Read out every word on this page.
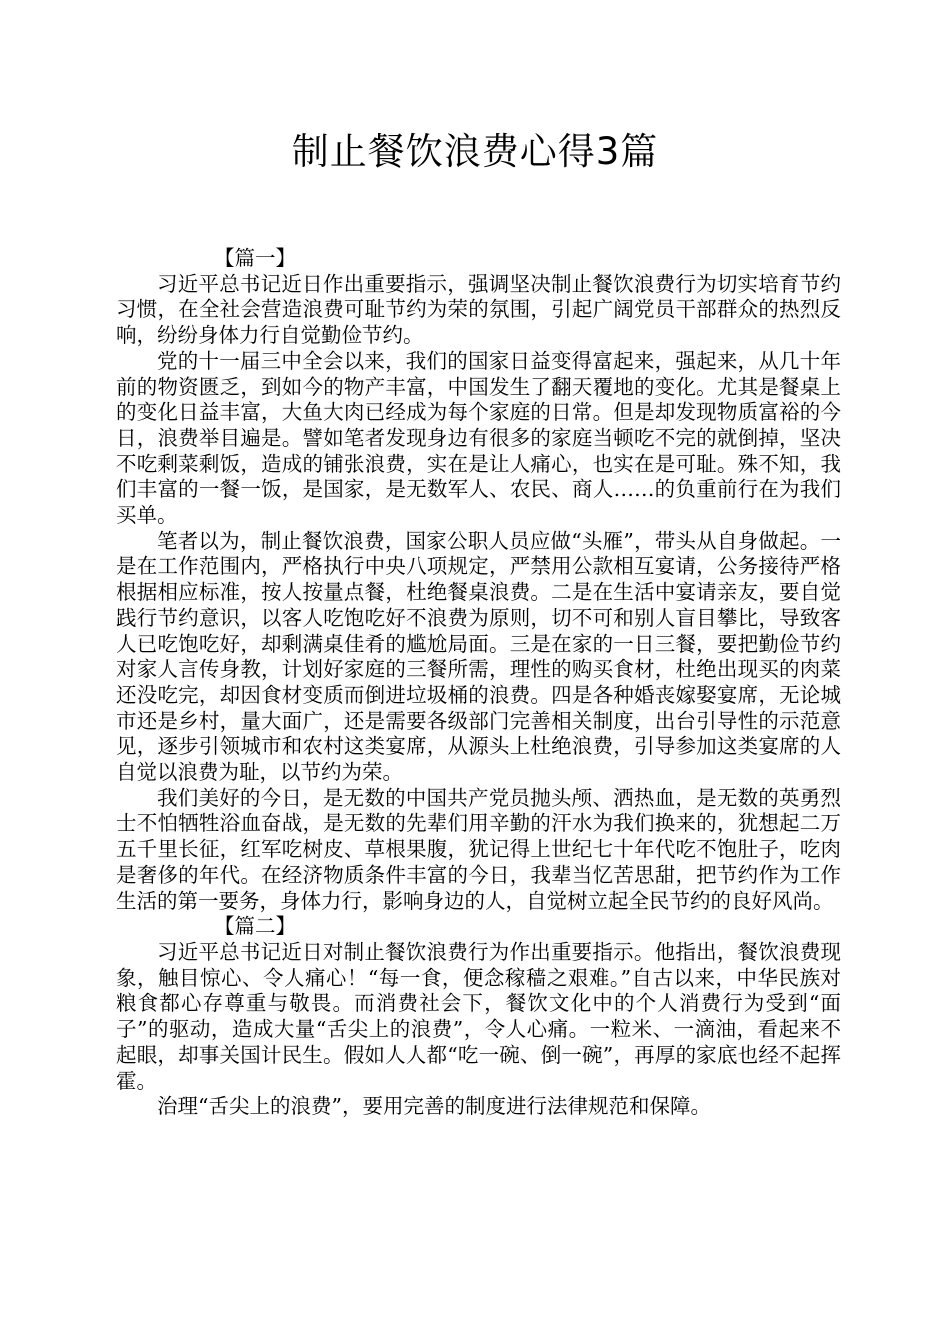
制止餐饮浪费心得3篇

【篇一】

习近平总书记近日作出重要指示，强调坚决制止餐饮浪费行为切实培育节约习惯，在全社会营造浪费可耻节约为荣的氛围，引起广阔党员干部群众的热烈反响，纷纷身体力行自觉勤俭节约。

党的十一届三中全会以来，我们的国家日益变得富起来，强起来，从几十年前的物资匮乏，到如今的物产丰富，中国发生了翻天覆地的变化。尤其是餐桌上的变化日益丰富，大鱼大肉已经成为每个家庭的日常。但是却发现物质富裕的今日，浪费举目遍是。譬如笔者发现身边有很多的家庭当顿吃不完的就倒掉，坚决不吃剩菜剩饭，造成的铺张浪费，实在是让人痛心，也实在是可耻。殊不知，我们丰富的一餐一饭，是国家，是无数军人、农民、商人……的负重前行在为我们买单。

笔者以为，制止餐饮浪费，国家公职人员应做“头雁”，带头从自身做起。一是在工作范围内，严格执行中央八项规定，严禁用公款相互宴请，公务接待严格根据相应标准，按人按量点餐，杜绝餐桌浪费。二是在生活中宴请亲友，要自觉践行节约意识，以客人吃饱吃好不浪费为原则，切不可和别人盲目攀比，导致客人已吃饱吃好，却剩满桌佳肴的尴尬局面。三是在家的一日三餐，要把勤俭节约对家人言传身教，计划好家庭的三餐所需，理性的购买食材，杜绝出现买的肉菜还没吃完，却因食材变质而倒进垃圾桶的浪费。四是各种婚丧嫁娶宴席，无论城市还是乡村，量大面广，还是需要各级部门完善相关制度，出台引导性的示范意见，逐步引领城市和农村这类宴席，从源头上杜绝浪费，引导参加这类宴席的人自觉以浪费为耻，以节约为荣。

我们美好的今日，是无数的中国共产党员抛头颅、洒热血，是无数的英勇烈士不怕牺牲浴血奋战，是无数的先辈们用辛勤的汗水为我们换来的，犹想起二万五千里长征，红军吃树皮、草根果腹，犹记得上世纪七十年代吃不饱肚子，吃肉是奢侈的年代。在经济物质条件丰富的今日，我辈当忆苦思甜，把节约作为工作生活的第一要务，身体力行，影响身边的人，自觉树立起全民节约的良好风尚。

【篇二】

习近平总书记近日对制止餐饮浪费行为作出重要指示。他指出，餐饮浪费现象，触目惊心、令人痛心！“每一食，便念稼穑之艰难。”自古以来，中华民族对粮食都心存尊重与敬畏。而消费社会下，餐饮文化中的个人消费行为受到“面子”的驱动，造成大量“舌尖上的浪费”，令人心痛。一粒米、一滴油，看起来不起眼，却事关国计民生。假如人人都“吃一碗、倒一碗”，再厚的家底也经不起挥霍。

治理“舌尖上的浪费”，要用完善的制度进行法律规范和保障。
